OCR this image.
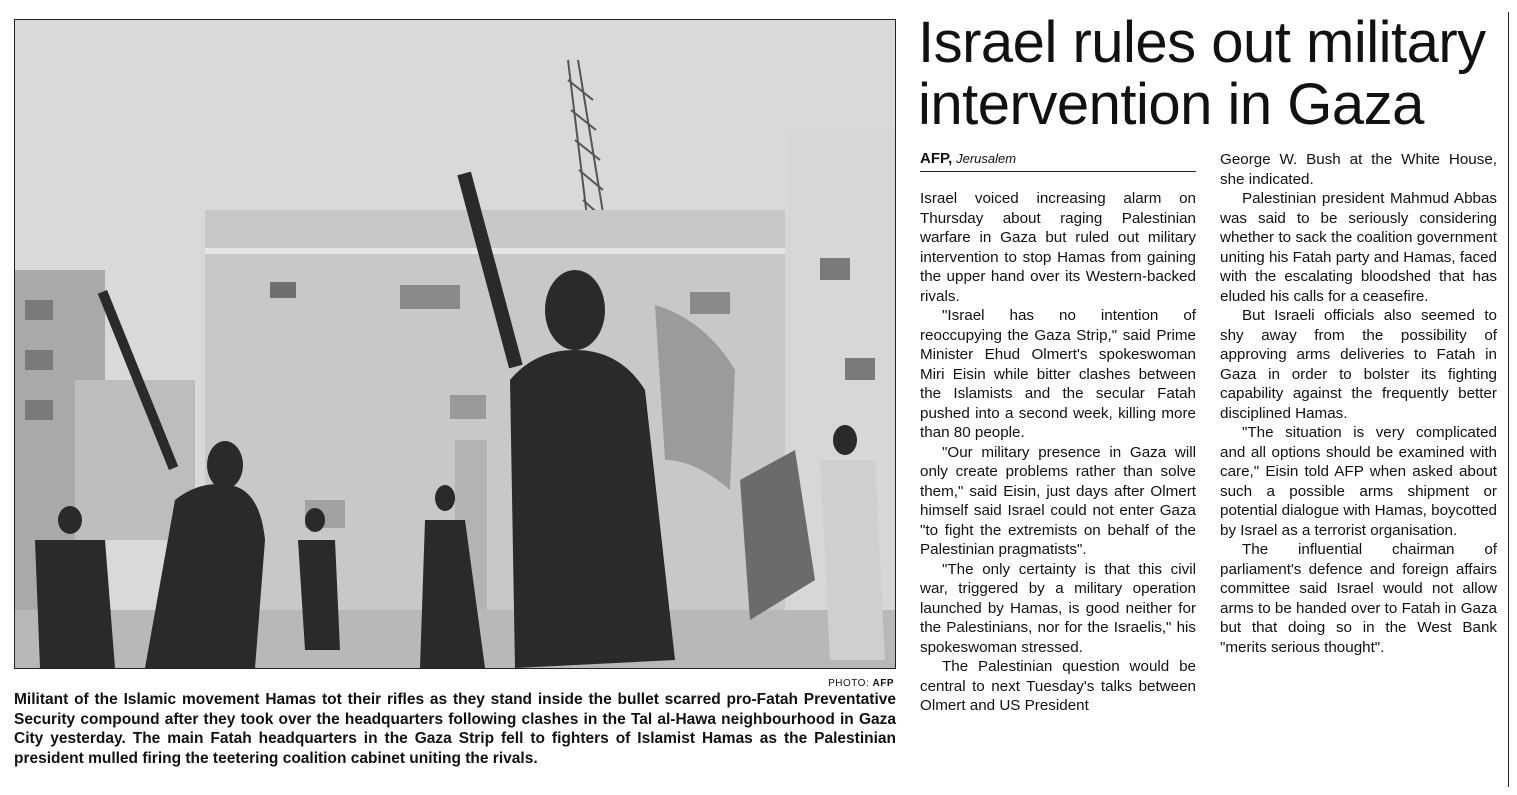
PHOTO: AFP
Militant of the Islamic movement Hamas tot their rifles as they stand inside the bullet scarred pro-Fatah Preventative Security compound after they took over the headquarters following clashes in the Tal al-Hawa neighbourhood in Gaza City yesterday. The main Fatah headquarters in the Gaza Strip fell to fighters of Islamist Hamas as the Palestinian president mulled firing the teetering coalition cabinet uniting the rivals.
Israel rules out military intervention in Gaza
AFP, Jerusalem

Israel voiced increasing alarm on Thursday about raging Palestinian warfare in Gaza but ruled out military intervention to stop Hamas from gaining the upper hand over its Western-backed rivals.

"Israel has no intention of reoccupying the Gaza Strip," said Prime Minister Ehud Olmert's spokeswoman Miri Eisin while bitter clashes between the Islamists and the secular Fatah pushed into a second week, killing more than 80 people.

"Our military presence in Gaza will only create problems rather than solve them," said Eisin, just days after Olmert himself said Israel could not enter Gaza "to fight the extremists on behalf of the Palestinian pragmatists".

"The only certainty is that this civil war, triggered by a military operation launched by Hamas, is good neither for the Palestinians, nor for the Israelis," his spokeswoman stressed.

The Palestinian question would be central to next Tuesday's talks between Olmert and US President

George W. Bush at the White House, she indicated.

Palestinian president Mahmud Abbas was said to be seriously considering whether to sack the coalition government uniting his Fatah party and Hamas, faced with the escalating bloodshed that has eluded his calls for a ceasefire.

But Israeli officials also seemed to shy away from the possibility of approving arms deliveries to Fatah in Gaza in order to bolster its fighting capability against the frequently better disciplined Hamas.

"The situation is very complicated and all options should be examined with care," Eisin told AFP when asked about such a possible arms shipment or potential dialogue with Hamas, boycotted by Israel as a terrorist organisation.

The influential chairman of parliament's defence and foreign affairs committee said Israel would not allow arms to be handed over to Fatah in Gaza but that doing so in the West Bank "merits serious thought".
